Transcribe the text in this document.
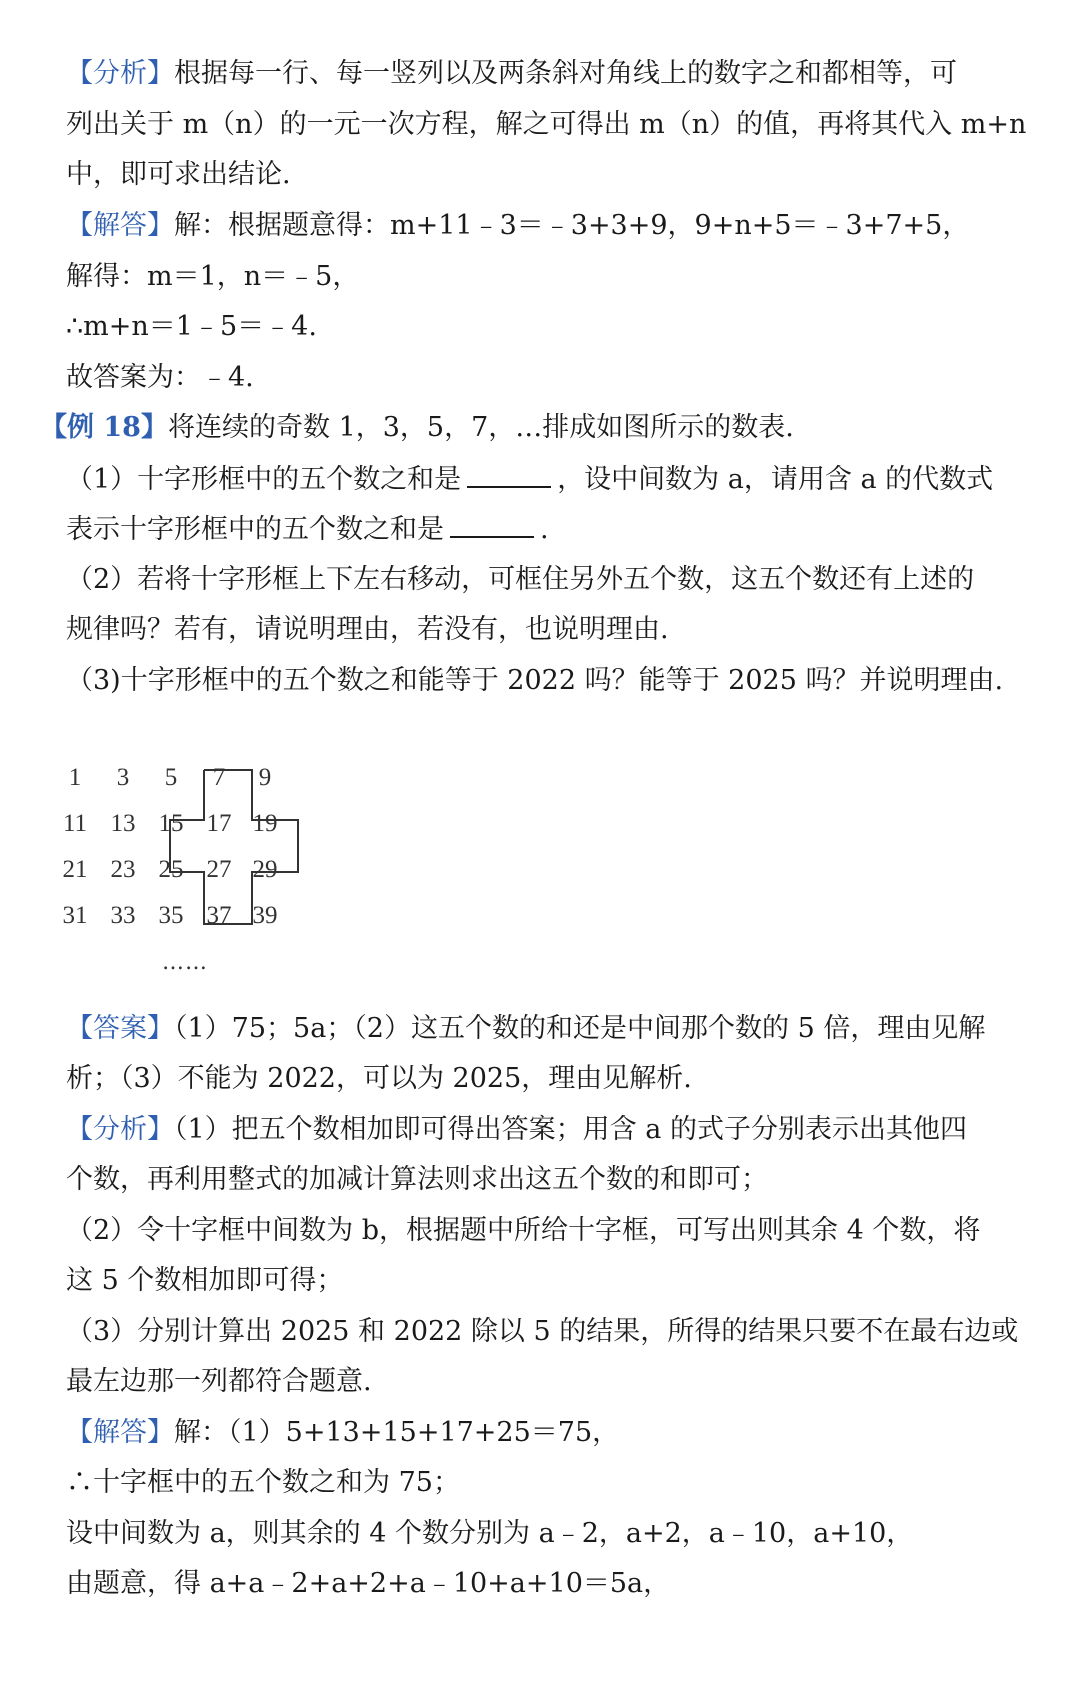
【分析】根据每一行、每一竖列以及两条斜对角线上的数字之和都相等，可
列出关于 m（n）的一元一次方程，解之可得出 m（n）的值，再将其代入 m+n
中，即可求出结论.
【解答】解：根据题意得：m+11﹣3＝﹣3+3+9，9+n+5＝﹣3+7+5，
解得：m＝1，n＝﹣5，
∴m+n＝1﹣5＝﹣4.
故答案为：﹣4.
【例 18】将连续的奇数 1，3，5，7，…排成如图所示的数表.
（1）十字形框中的五个数之和是	，设中间数为 a，请用含 a 的代数式
表示十字形框中的五个数之和是	.
（2）若将十字形框上下左右移动，可框住另外五个数，这五个数还有上述的
规律吗？若有，请说明理由，若没有，也说明理由.
（3)十字形框中的五个数之和能等于 2022 吗？能等于 2025 吗？并说明理由.
1	3	5	7	9
11 13 15 17 19
21 23 25 27 29
31 33 35 37 39
……
【答案】（1）75；5a；（2）这五个数的和还是中间那个数的 5 倍，理由见解
析；（3）不能为 2022，可以为 2025，理由见解析.
【分析】（1）把五个数相加即可得出答案；用含 a 的式子分别表示出其他四
个数，再利用整式的加减计算法则求出这五个数的和即可；
（2）令十字框中间数为 b，根据题中所给十字框，可写出则其余 4 个数，将
这 5 个数相加即可得；
（3）分别计算出 2025 和 2022 除以 5 的结果，所得的结果只要不在最右边或
最左边那一列都符合题意.
【解答】解：（1）5+13+15+17+25＝75，
∴十字框中的五个数之和为 75；
设中间数为 a，则其余的 4 个数分别为 a﹣2，a+2，a﹣10，a+10，
由题意，得 a+a﹣2+a+2+a﹣10+a+10＝5a，
